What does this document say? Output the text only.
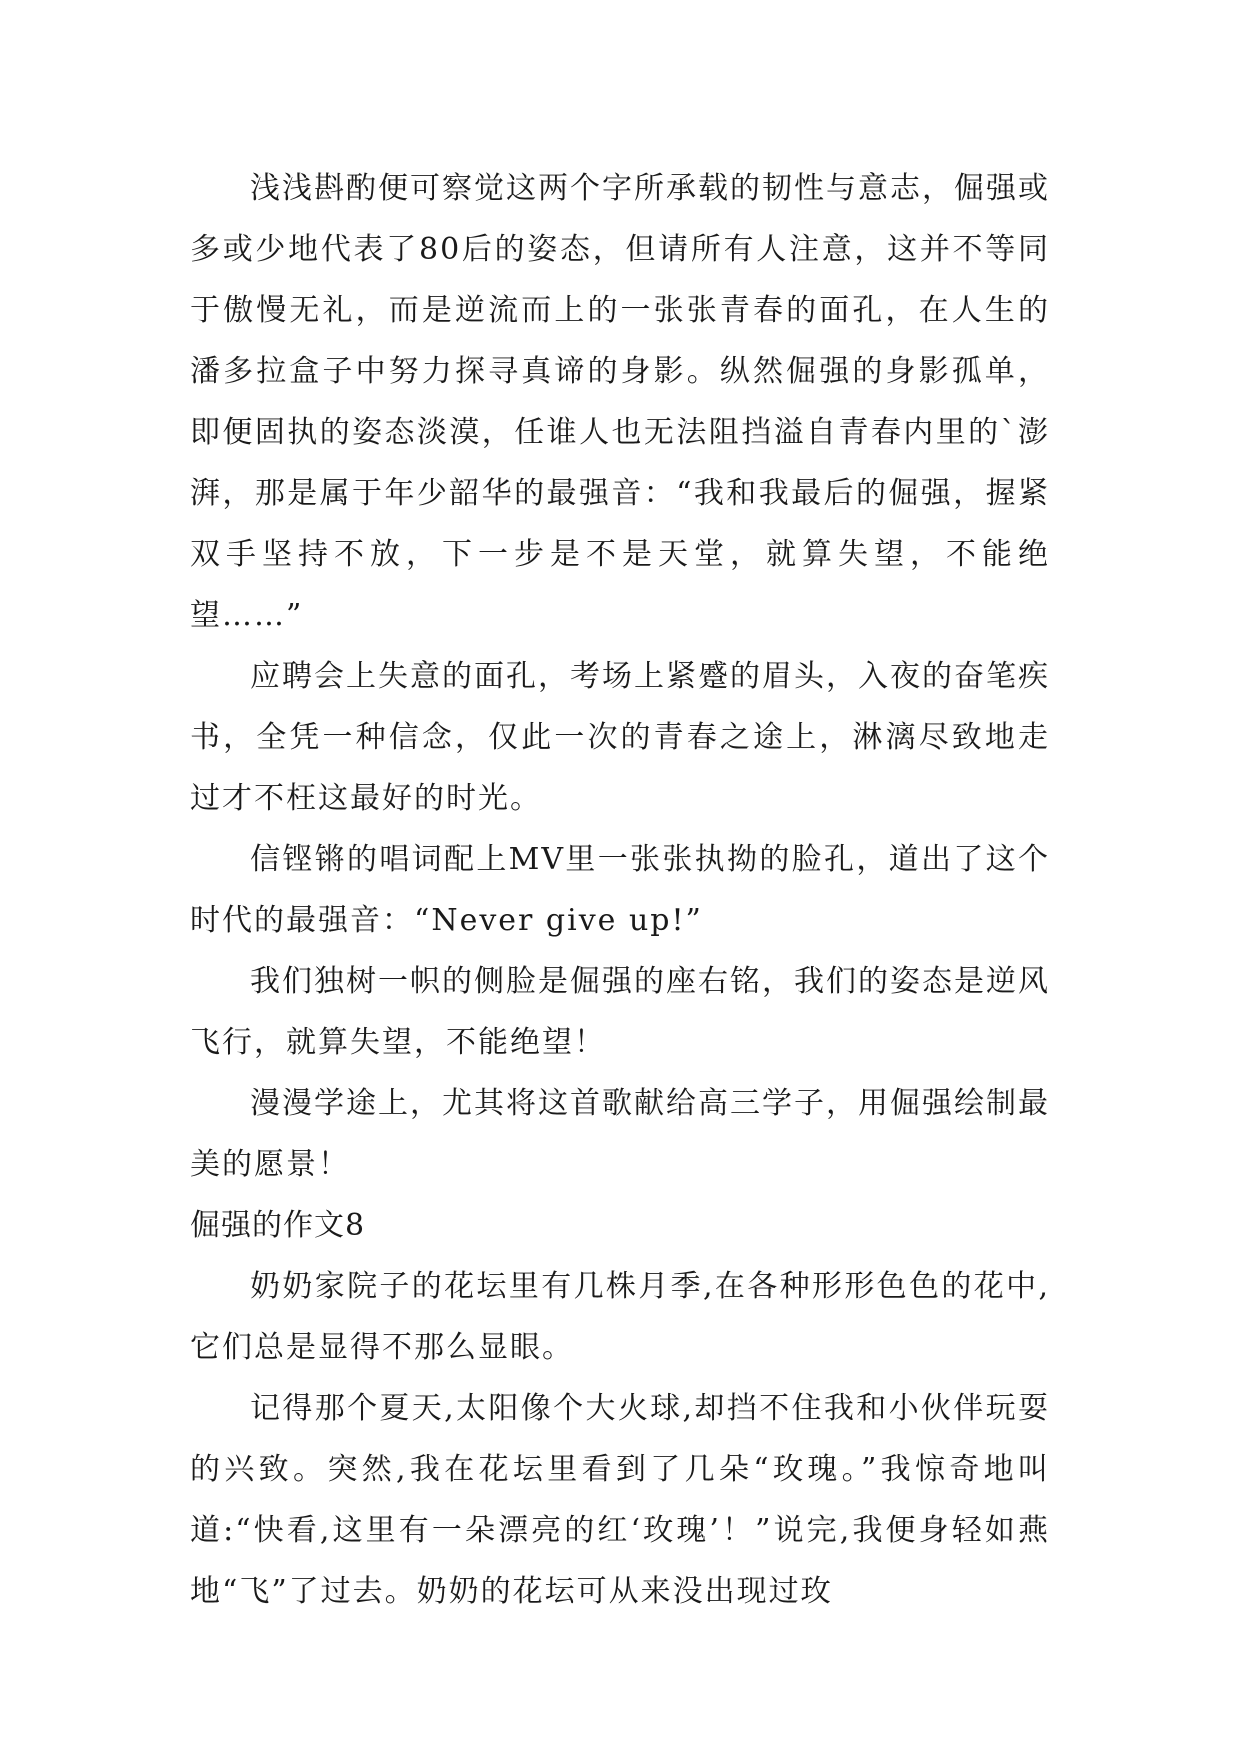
浅浅斟酌便可察觉这两个字所承载的韧性与意志，倔强或多或少地代表了80后的姿态，但请所有人注意，这并不等同于傲慢无礼，而是逆流而上的一张张青春的面孔，在人生的潘多拉盒子中努力探寻真谛的身影。纵然倔强的身影孤单，即便固执的姿态淡漠，任谁人也无法阻挡溢自青春内里的`澎湃，那是属于年少韶华的最强音：“我和我最后的倔强，握紧双手坚持不放，下一步是不是天堂，就算失望，不能绝望……”

应聘会上失意的面孔，考场上紧蹙的眉头，入夜的奋笔疾书，全凭一种信念，仅此一次的青春之途上，淋漓尽致地走过才不枉这最好的时光。

信铿锵的唱词配上MV里一张张执拗的脸孔，道出了这个时代的最强音：“Never give up!”

我们独树一帜的侧脸是倔强的座右铭，我们的姿态是逆风飞行，就算失望，不能绝望！

漫漫学途上，尤其将这首歌献给高三学子，用倔强绘制最美的愿景！

倔强的作文8

奶奶家院子的花坛里有几株月季,在各种形形色色的花中,它们总是显得不那么显眼。

记得那个夏天,太阳像个大火球,却挡不住我和小伙伴玩耍的兴致。突然,我在花坛里看到了几朵“玫瑰。”我惊奇地叫道:“快看,这里有一朵漂亮的红‘玫瑰’！”说完,我便身轻如燕地“飞”了过去。奶奶的花坛可从来没出现过玫
